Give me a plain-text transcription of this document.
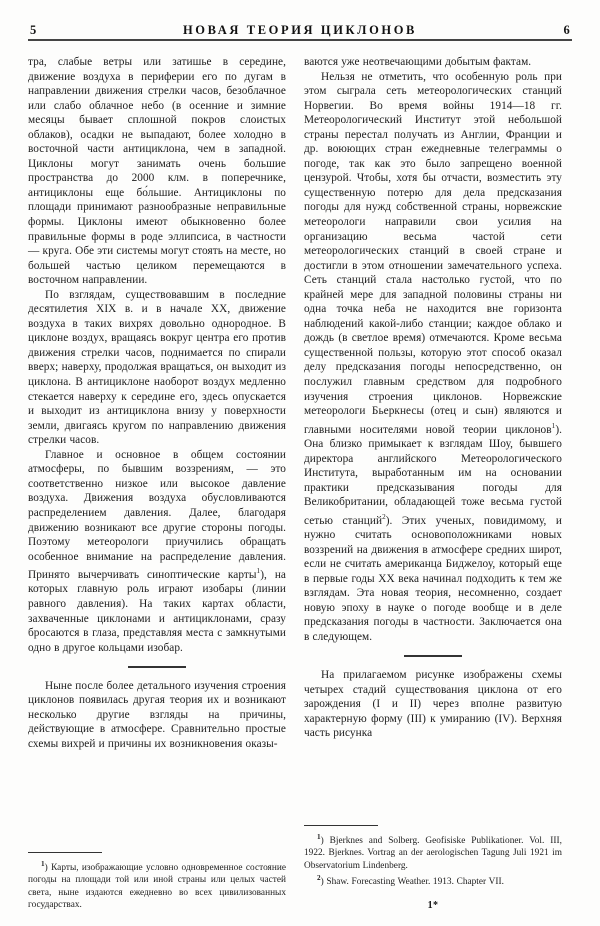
5	НОВАЯ ТЕОРИЯ ЦИКЛОНОВ	6

тра, слабые ветры или затишье в середине, движение воздуха в периферии его по дугам в направлении движения стрелки часов, безоблачное или слабо облачное небо (в осенние и зимние месяцы бывает сплошной покров слоистых облаков), осадки не выпадают, более холодно в восточной части антициклона, чем в западной. Циклоны могут занимать очень большие пространства до 2000 клм. в поперечнике, антициклоны еще бо́льшие. Антициклоны по площади принимают разнообразные неправильные формы. Циклоны имеют обыкновенно более правильные формы в роде эллипсиса, в частности — круга. Обе эти системы могут стоять на месте, но большей частью целиком перемещаются в восточном направлении.

По взглядам, существовавшим в последние десятилетия XIX в. и в начале XX, движение воздуха в таких вихрях довольно однородное. В циклоне воздух, вращаясь вокруг центра его против движения стрелки часов, поднимается по спирали вверх; наверху, продолжая вращаться, он выходит из циклона. В антициклоне наоборот воздух медленно стекается наверху к середине его, здесь опускается и выходит из антициклона внизу у поверхности земли, двигаясь кругом по направлению движения стрелки часов.

Главное и основное в общем состоянии атмосферы, по бывшим воззрениям, — это соответственно низкое или высокое давление воздуха. Движения воздуха обусловливаются распределением давления. Далее, благодаря движению возникают все другие стороны погоды. Поэтому метеорологи приучились обращать особенное внимание на распределение давления. Принято вычерчивать синоптические карты$^1$), на которых главную роль играют изобары (линии равного давления). На таких картах области, захваченные циклонами и антициклонами, сразу бросаются в глаза, представляя места с замкнутыми одно в другое кольцами изобар.

Ныне после более детального изучения строения циклонов появилась другая теория их и возникают несколько другие взгляды на причины, действующие в атмосфере. Сравнительно простые схемы вихрей и причины их возникновения оказы-

$^1$) Карты, изображающие условно одновременное состояние погоды на площади той или иной страны или целых частей света, ныне издаются ежедневно во всех цивилизованных государствах.

ваются уже неотвечающими добытым фактам.

Нельзя не отметить, что особенную роль при этом сыграла сеть метеорологических станций Норвегии. Во время войны 1914—18 гг. Метеорологический Институт этой небольшой страны перестал получать из Англии, Франции и др. воюющих стран ежедневные телеграммы о погоде, так как это было запрещено военной цензурой. Чтобы, хотя бы отчасти, возместить эту существенную потерю для дела предсказания погоды для нужд собственной страны, норвежские метеорологи направили свои усилия на организацию весьма частой сети метеорологических станций в своей стране и достигли в этом отношении замечательного успеха. Сеть станций стала настолько густой, что по крайней мере для западной половины страны ни одна точка неба не находится вне горизонта наблюдений какой-либо станции; каждое облако и дождь (в светлое время) отмечаются. Кроме весьма существенной пользы, которую этот способ оказал делу предсказания погоды непосредственно, он послужил главным средством для подробного изучения строения циклонов. Норвежские метеорологи Бьеркнесы (отец и сын) являются и главными носителями новой теории циклонов$^1$). Она близко примыкает к взглядам Шоу, бывшего директора английского Метеорологического Института, выработанным им на основании практики предсказывания погоды для Великобритании, обладающей тоже весьма густой сетью станций$^2$). Этих ученых, повидимому, и нужно считать основоположниками новых воззрений на движения в атмосфере средних широт, если не считать американца Биджелоу, который еще в первые годы XX века начинал подходить к тем же взглядам. Эта новая теория, несомненно, создает новую эпоху в науке о погоде вообще и в деле предсказания погоды в частности. Заключается она в следующем.

На прилагаемом рисунке изображены схемы четырех стадий существования циклона от его зарождения (I и II) через вполне развитую характерную форму (III) к умиранию (IV). Верхняя часть рисунка

$^1$) Bjerknes and Solberg. Geofisiske Publikationer. Vol. III, 1922. Bjerknes. Vortrag an der aerologischen Tagung Juli 1921 im Observatorium Lindenberg.

$^2$) Shaw. Forecasting Weather. 1913. Chapter VII.

1*
